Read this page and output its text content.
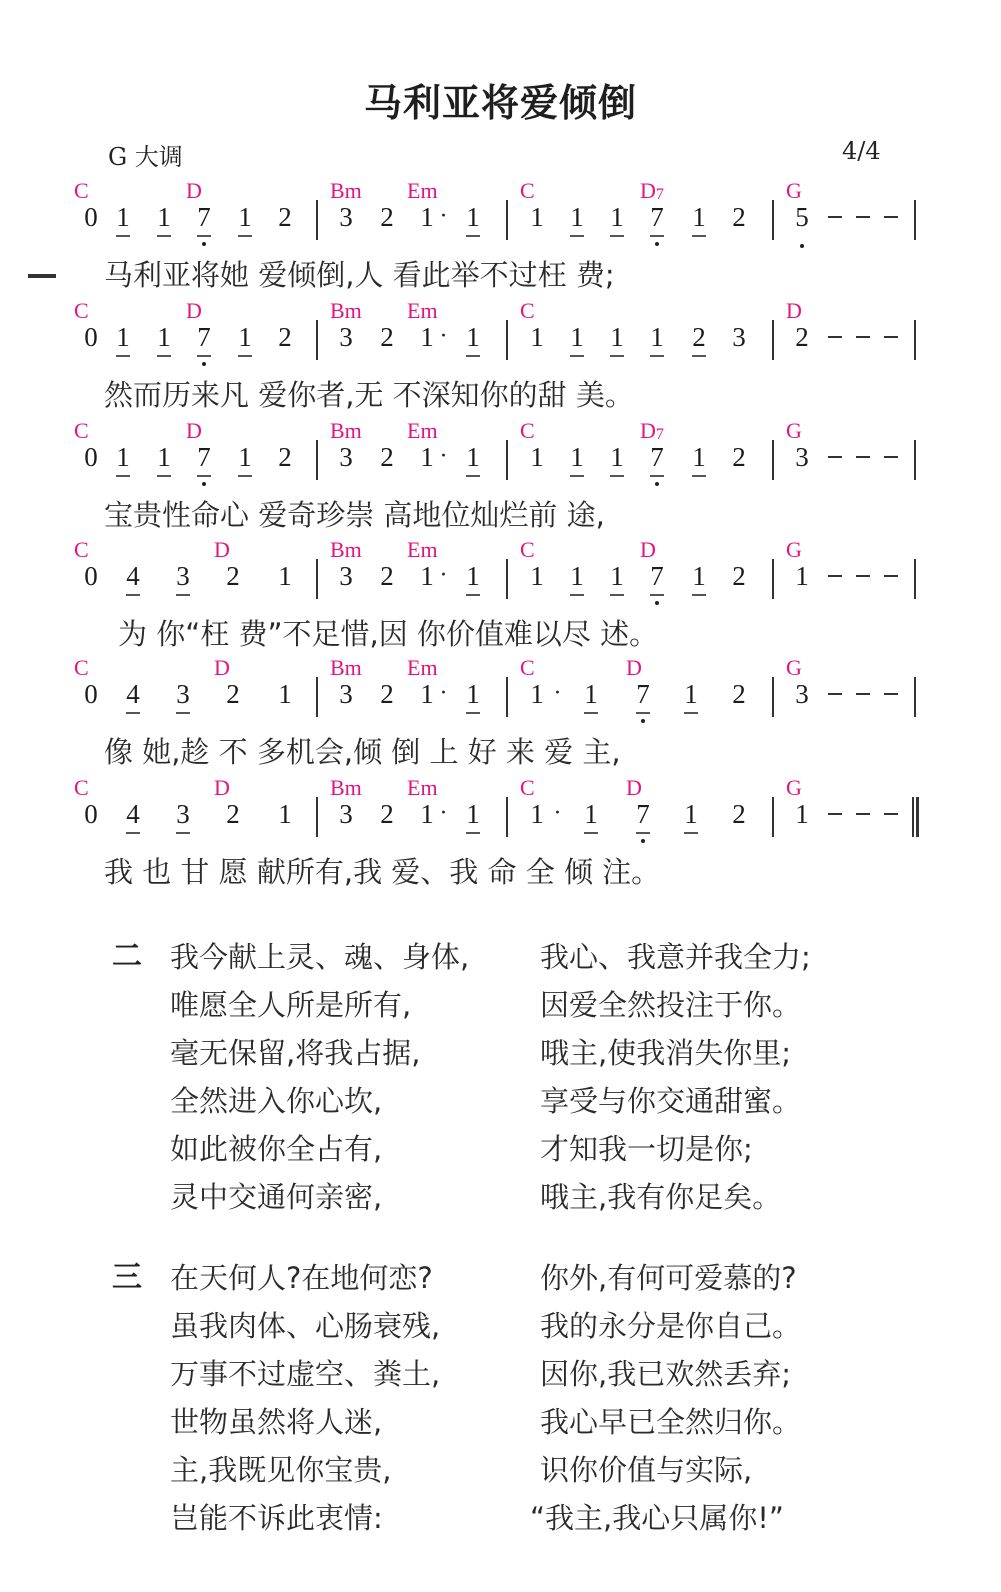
马利亚将爱倾倒
G 大调	4/4
C	D	Bm Em	C	$D_7$	G
0 1 1 7 1 2 3 2 1 1
·	1 1 1 7 1 2 5
马利亚将她 爱倾倒,人 看此举不过枉 费;
C	D	Bm Em	C	D
0 1 1 7 1 2 3 2 1 1
·	1 1 1 1 2 3 2
然而历来凡 爱你者,无 不深知你的甜 美。
C	D	Bm Em	C	$D_7$	G
0 1 1 7 1 2 3 2 1 1
·	1 1 1 7 1 2 3
宝贵性命心 爱奇珍崇 高地位灿烂前 途,
C	D	Bm Em	C	D	G
0 4 3 2 1 3 2 1 1
·	1 1 1 7 1 2 1
为 你“枉 费”不足惜,因 你价值难以尽 述。
C	D	Bm Em	C	D	G
0 4 3 2 1 3 2 1 1
·	1 1 7 1 2
·	3
像 她,趁 不 多机会,倾 倒 上 好 来 爱 主,
C	D	Bm Em	C	D	G
0 4 3 2 1 3 2 1 1
·	1 1 7 1 2
·	1
我 也 甘 愿 献所有,我 爱、我 命 全 倾 注。
二 我今献上灵、魂、身体, 我心、我意并我全力;
唯愿全人所是所有,	因爱全然投注于你。
毫无保留,将我占据,	哦主,使我消失你里;
全然进入你心坎,	享受与你交通甜蜜。
如此被你全占有,	才知我一切是你;
灵中交通何亲密,	哦主,我有你足矣。
三 在天何人?在地何恋?	你外,有何可爱慕的?
虽我肉体、心肠衰残,	我的永分是你自己。
万事不过虚空、粪土,	因你,我已欢然丢弃;
世物虽然将人迷,	我心早已全然归你。
主,我既见你宝贵,	识你价值与实际,
岂能不诉此衷情:	“我主,我心只属你!”
